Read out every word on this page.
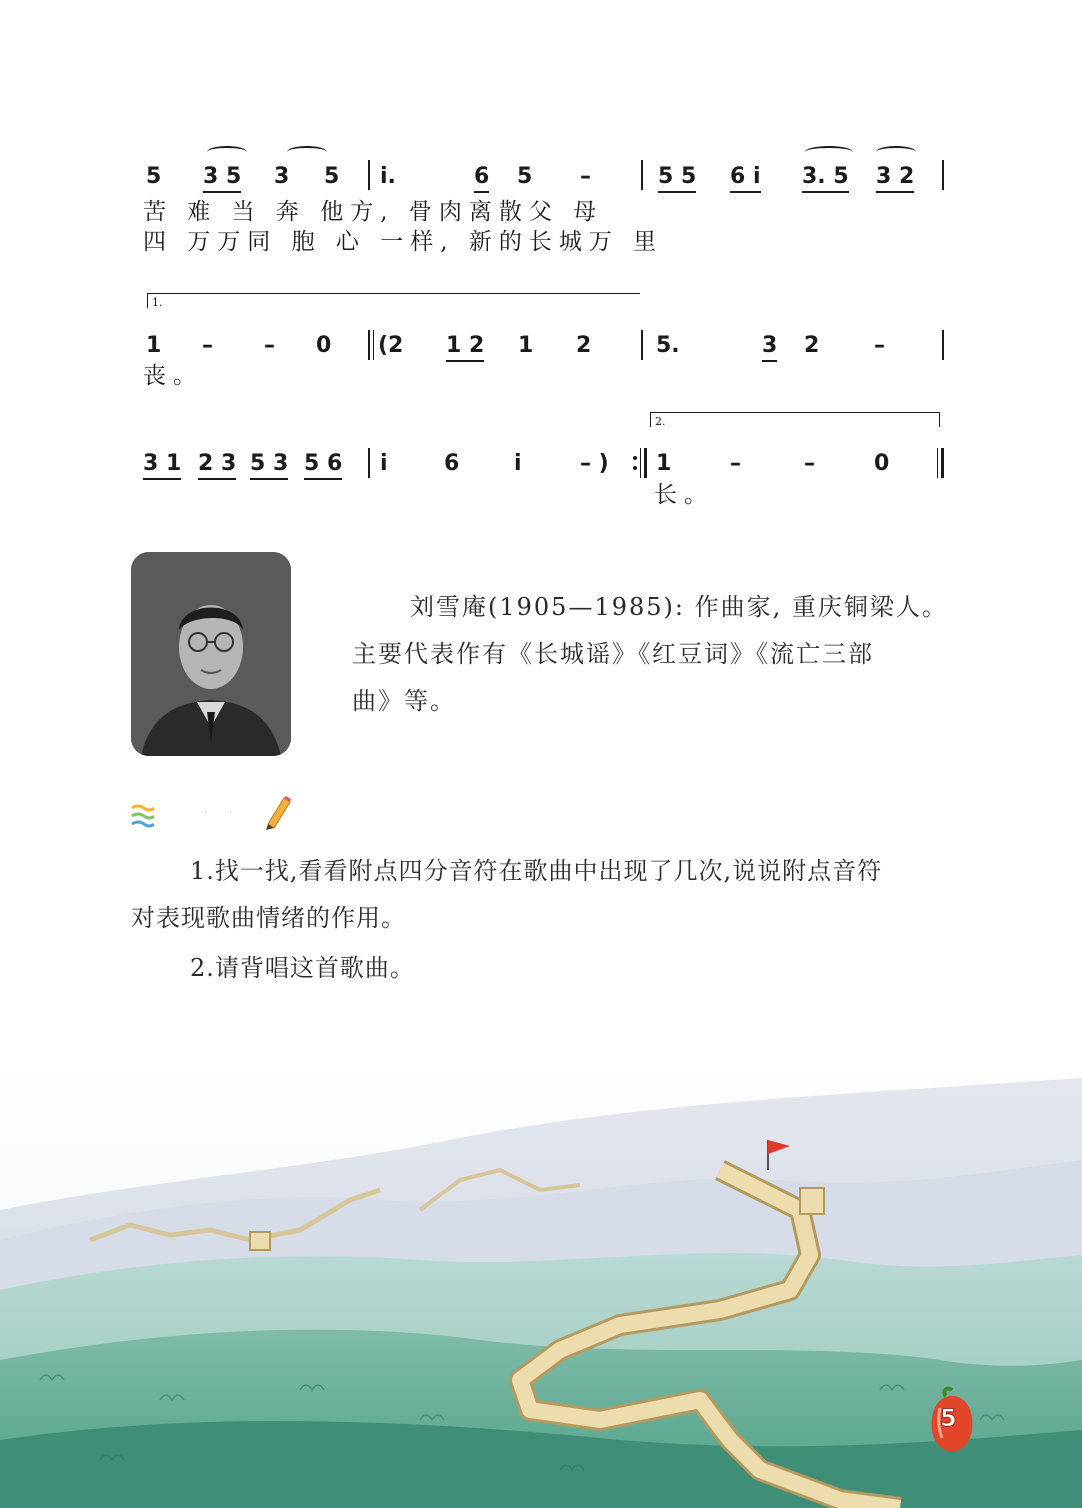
5 3 5 3 5 i.	6 5 –	5 5 6 i 3. 5 3 2
苦 难 当 奔 他方, 骨肉离散父 母
四 万万同 胞 心 一样, 新的长城万 里
1.
1 – – 0 (2 1 2 1 2	5.	3 2 –
丧。
2.
3 1 2 3 5 3 5 6 i	6 i	– ) 1	–	–	0
长。
刘雪庵(1905—1985): 作曲家, 重庆铜梁人。
主要代表作有《长城谣》《红豆词》《流亡三部
曲》等。
创创做做
1.找一找,看看附点四分音符在歌曲中出现了几次,说说附点音符
对表现歌曲情绪的作用。
2.请背唱这首歌曲。
5
